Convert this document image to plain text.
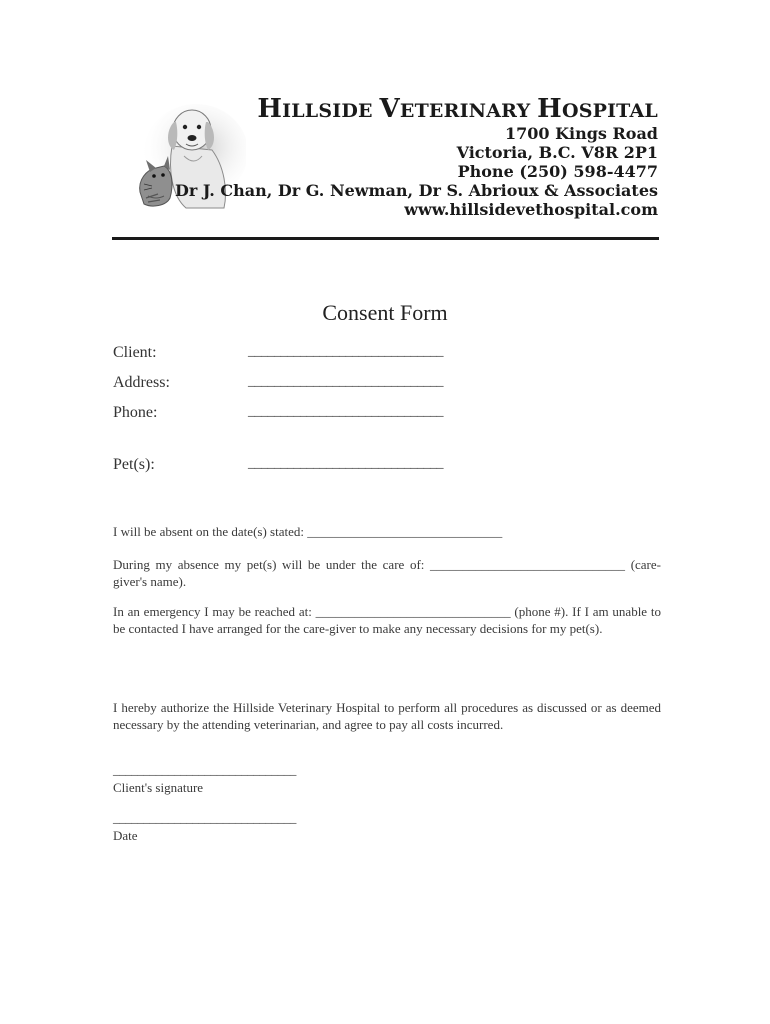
HILLSIDE VETERINARY HOSPITAL
1700 Kings Road
Victoria, B.C. V8R 2P1
Phone (250) 598-4477
Dr J. Chan, Dr G. Newman, Dr S. Abrioux & Associates
www.hillsidevethospital.com
Consent Form
Client:	______________________________
Address:	______________________________
Phone:	______________________________
Pet(s):	______________________________
I will be absent on the date(s) stated: ______________________________
During my absence my pet(s) will be under the care of: ______________________________ (care-giver's name).
In an emergency I may be reached at: ______________________________ (phone #). If I am unable to be contacted I have arranged for the care-giver to make any necessary decisions for my pet(s).
I hereby authorize the Hillside Veterinary Hospital to perform all procedures as discussed or as deemed necessary by the attending veterinarian, and agree to pay all costs incurred.
______________________________
Client's signature
______________________________
Date
